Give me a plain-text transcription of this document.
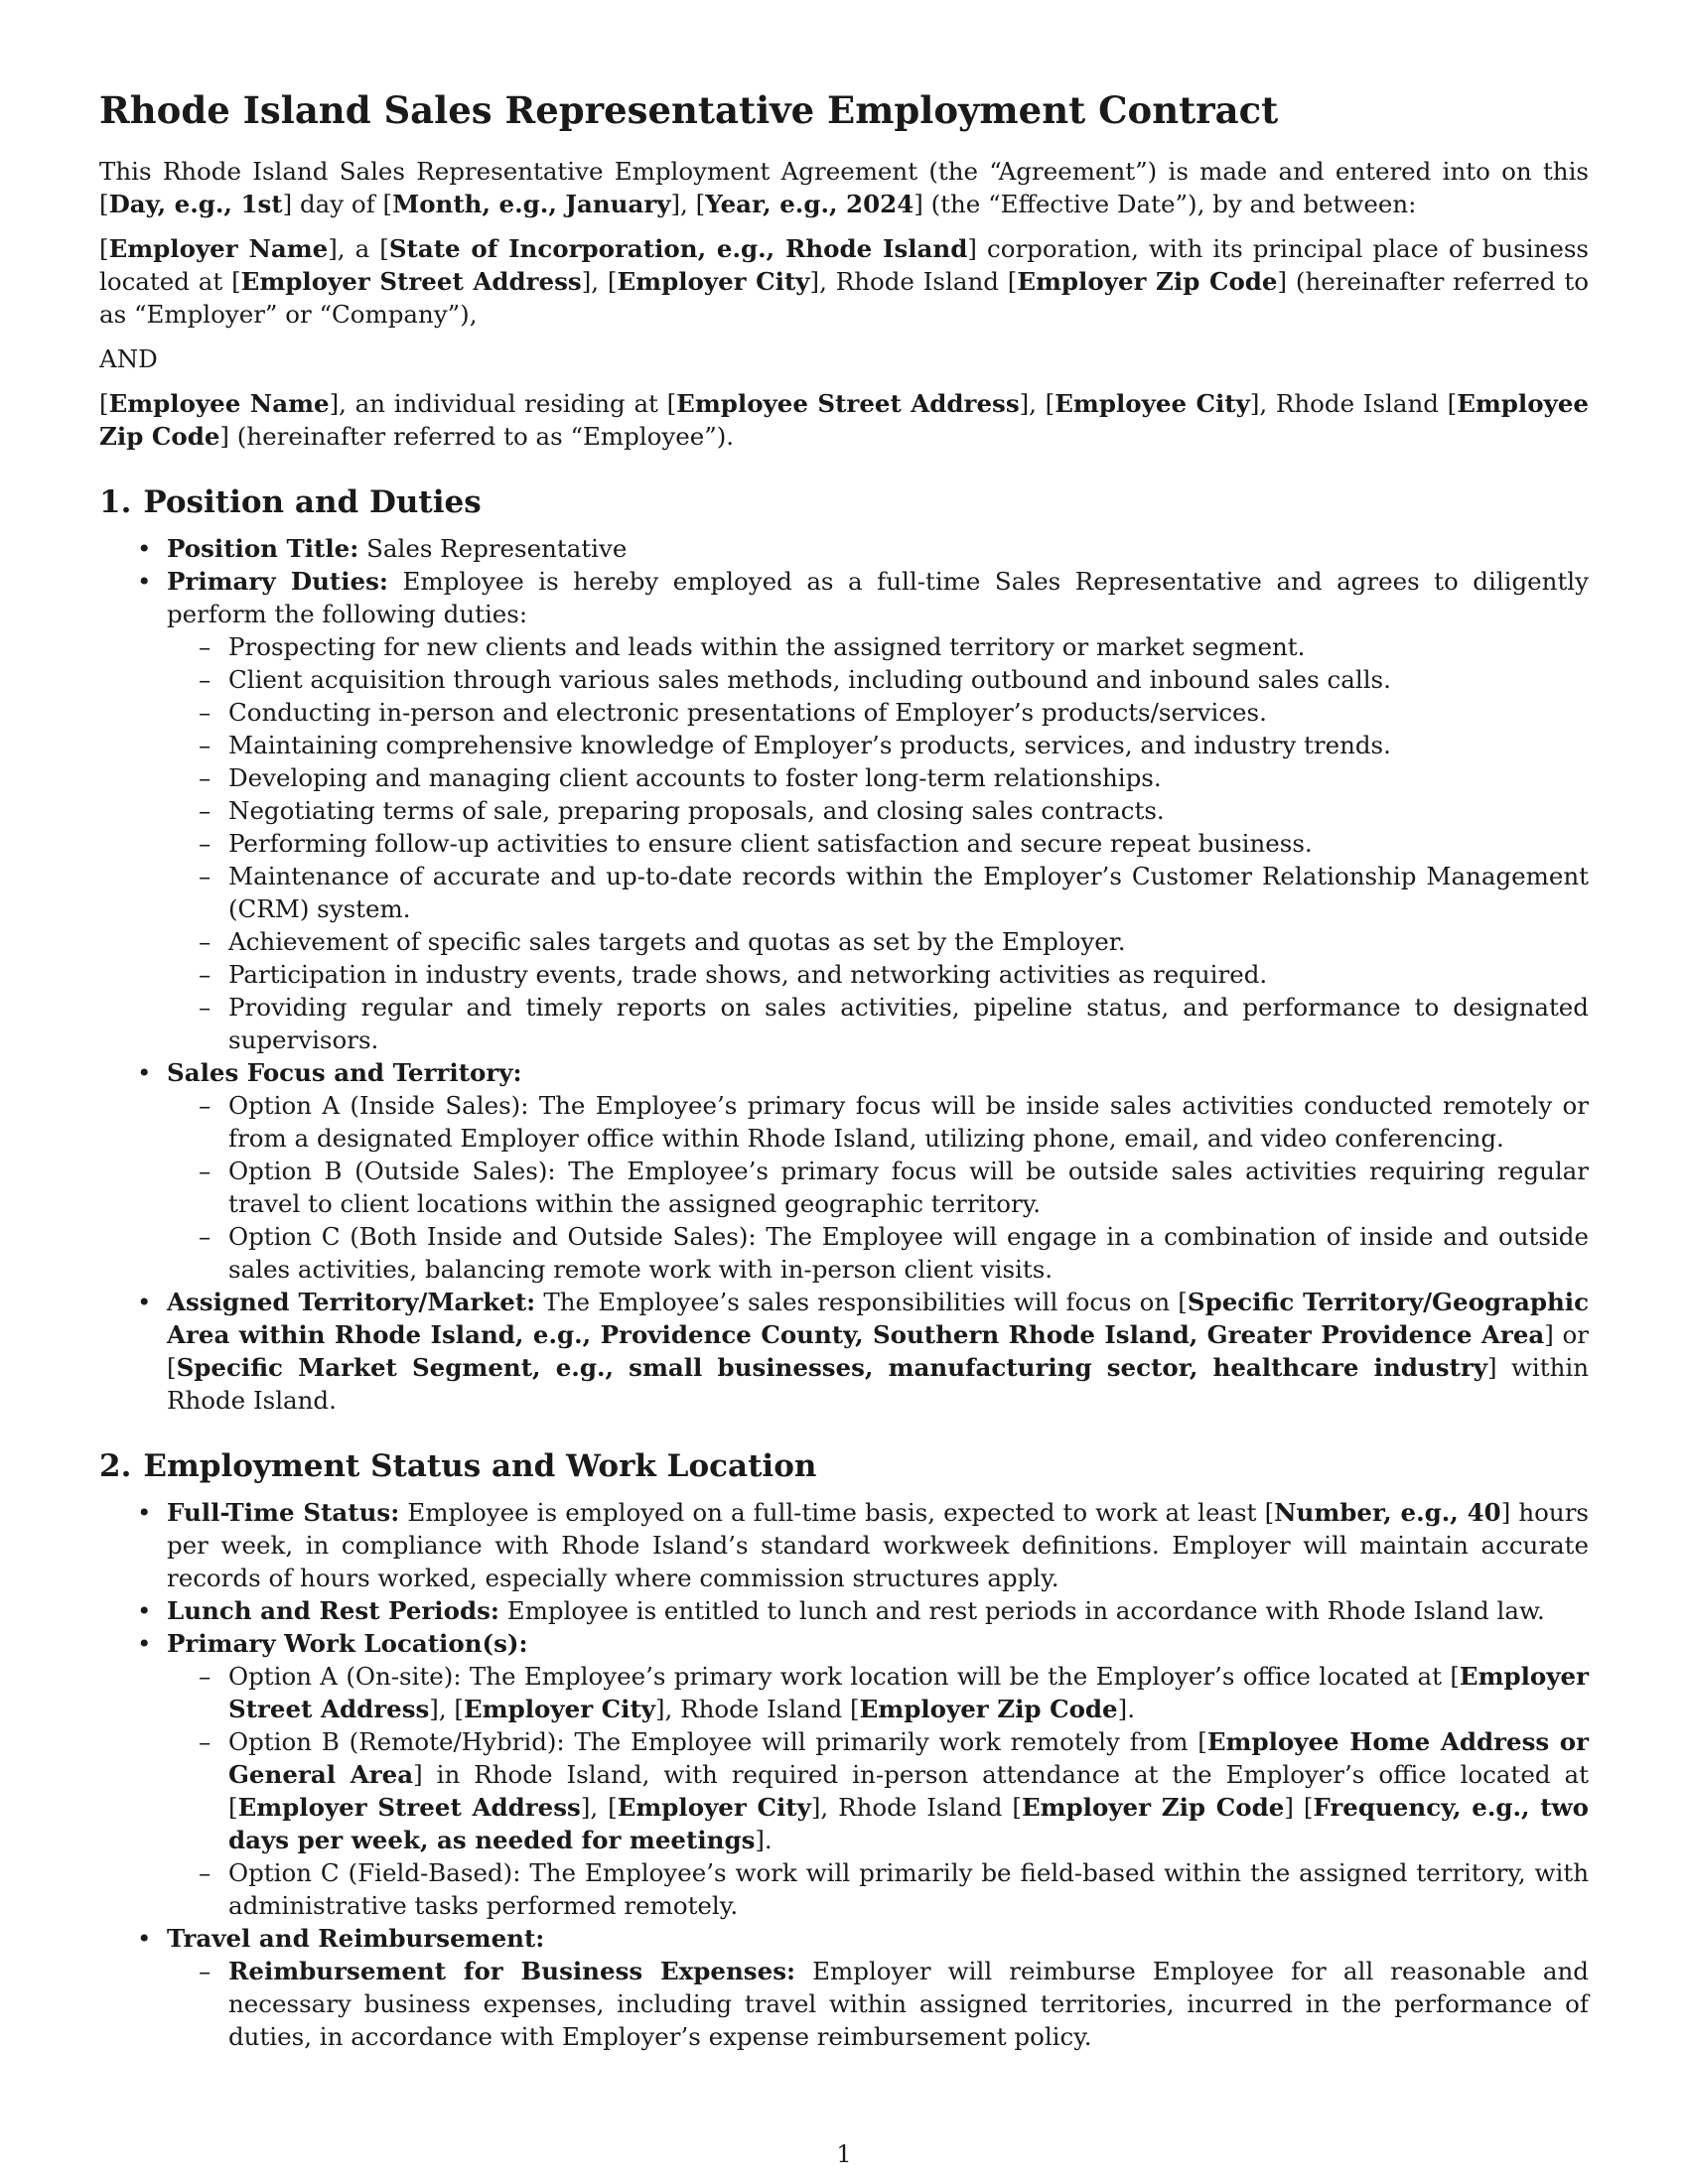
Rhode Island Sales Representative Employment Contract

This Rhode Island Sales Representative Employment Agreement (the “Agreement”) is made and entered into on this [Day, e.g., 1st] day of [Month, e.g., January], [Year, e.g., 2024] (the “Effective Date”), by and between:

[Employer Name], a [State of Incorporation, e.g., Rhode Island] corporation, with its principal place of business located at [Employer Street Address], [Employer City], Rhode Island [Employer Zip Code] (hereinafter referred to as “Employer” or “Company”),

AND

[Employee Name], an individual residing at [Employee Street Address], [Employee City], Rhode Island [Employee Zip Code] (hereinafter referred to as “Employee”).

1. Position and Duties
• Position Title: Sales Representative
• Primary Duties: Employee is hereby employed as a full-time Sales Representative and agrees to diligently perform the following duties:
– Prospecting for new clients and leads within the assigned territory or market segment.
– Client acquisition through various sales methods, including outbound and inbound sales calls.
– Conducting in-person and electronic presentations of Employer’s products/services.
– Maintaining comprehensive knowledge of Employer’s products, services, and industry trends.
– Developing and managing client accounts to foster long-term relationships.
– Negotiating terms of sale, preparing proposals, and closing sales contracts.
– Performing follow-up activities to ensure client satisfaction and secure repeat business.
– Maintenance of accurate and up-to-date records within the Employer’s Customer Relationship Management (CRM) system.
– Achievement of specific sales targets and quotas as set by the Employer.
– Participation in industry events, trade shows, and networking activities as required.
– Providing regular and timely reports on sales activities, pipeline status, and performance to designated supervisors.
• Sales Focus and Territory:
– Option A (Inside Sales): The Employee’s primary focus will be inside sales activities conducted remotely or from a designated Employer office within Rhode Island, utilizing phone, email, and video conferencing.
– Option B (Outside Sales): The Employee’s primary focus will be outside sales activities requiring regular travel to client locations within the assigned geographic territory.
– Option C (Both Inside and Outside Sales): The Employee will engage in a combination of inside and outside sales activities, balancing remote work with in-person client visits.
• Assigned Territory/Market: The Employee’s sales responsibilities will focus on [Specific Territory/Geographic Area within Rhode Island, e.g., Providence County, Southern Rhode Island, Greater Providence Area] or [Specific Market Segment, e.g., small businesses, manufacturing sector, healthcare industry] within Rhode Island.
2. Employment Status and Work Location
• Full-Time Status: Employee is employed on a full-time basis, expected to work at least [Number, e.g., 40] hours per week, in compliance with Rhode Island’s standard workweek definitions. Employer will maintain accurate records of hours worked, especially where commission structures apply.
• Lunch and Rest Periods: Employee is entitled to lunch and rest periods in accordance with Rhode Island law.
• Primary Work Location(s):
– Option A (On-site): The Employee’s primary work location will be the Employer’s office located at [Employer Street Address], [Employer City], Rhode Island [Employer Zip Code].
– Option B (Remote/Hybrid): The Employee will primarily work remotely from [Employee Home Address or General Area] in Rhode Island, with required in-person attendance at the Employer’s office located at [Employer Street Address], [Employer City], Rhode Island [Employer Zip Code] [Frequency, e.g., two days per week, as needed for meetings].
– Option C (Field-Based): The Employee’s work will primarily be field-based within the assigned territory, with administrative tasks performed remotely.
• Travel and Reimbursement:
– Reimbursement for Business Expenses: Employer will reimburse Employee for all reasonable and necessary business expenses, including travel within assigned territories, incurred in the performance of duties, in accordance with Employer’s expense reimbursement policy.
1
